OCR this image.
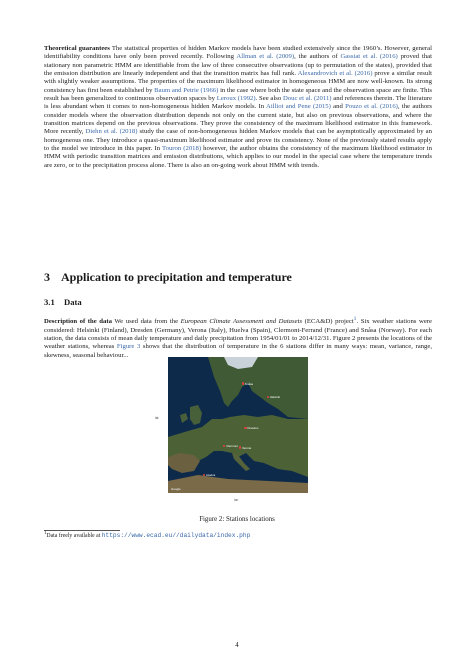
Theoretical guarantees The statistical properties of hidden Markov models have been studied extensively since the 1960’s. However, general identifiability conditions have only been proved recently. Following Allman et al. (2009), the authors of Gassiat et al. (2016) proved that stationary non parametric HMM are identifiable from the law of three consecutive observations (up to permutation of the states), provided that the emission distribution are linearly independent and that the transition matrix has full rank. Alexandrovich et al. (2016) prove a similar result with slightly weaker assumptions. The properties of the maximum likelihood estimator in homogeneous HMM are now well-known. Its strong consistency has first been established by Baum and Petrie (1966) in the case where both the state space and the observation space are finite. This result has been generalized to continuous observation spaces by Leroux (1992). See also Douc et al. (2011) and references therein. The literature is less abundant when it comes to non-homogeneous hidden Markov models. In Ailliot and Pene (2015) and Pouzo et al. (2016), the authors consider models where the observation distribution depends not only on the current state, but also on previous observations, and where the transition matrices depend on the previous observations. They prove the consistency of the maximum likelihood estimator in this framework. More recently, Diehn et al. (2018) study the case of non-homogeneous hidden Markov models that can be asymptotically approximated by an homogeneous one. They introduce a quasi-maximum likelihood estimator and prove its consistency. None of the previously stated results apply to the model we introduce in this paper. In Touron (2018) however, the author obtains the consistency of the maximum likelihood estimator in HMM with periodic transition matrices and emission distributions, which applies to our model in the special case where the temperature trends are zero, or to the precipitation process alone. There is also an on-going work about HMM with trends.

3 Application to precipitation and temperature
3.1 Data

Description of the data We used data from the European Climate Assessment and Datasets (ECA&D) project$^1$. Six weather stations were considered: Helsinki (Finland), Dresden (Germany), Verona (Italy), Huelva (Spain), Clermont-Ferrand (France) and Snåsa (Norway). For each station, the data consists of mean daily temperature and daily precipitation from 1954/01/01 to 2014/12/31. Figure 2 presents the locations of the weather stations, whereas Figure 3 shows that the distribution of temperature in the 6 stations differ in many ways: mean, variance, range, skewness, seasonal behaviour...

lat
Google
Snåsa
Helsinki
Dresden
Clermont Verona
Huelva
lon

Figure 2: Stations locations

$^1$Data freely available at https://www.ecad.eu//dailydata/index.php

4
